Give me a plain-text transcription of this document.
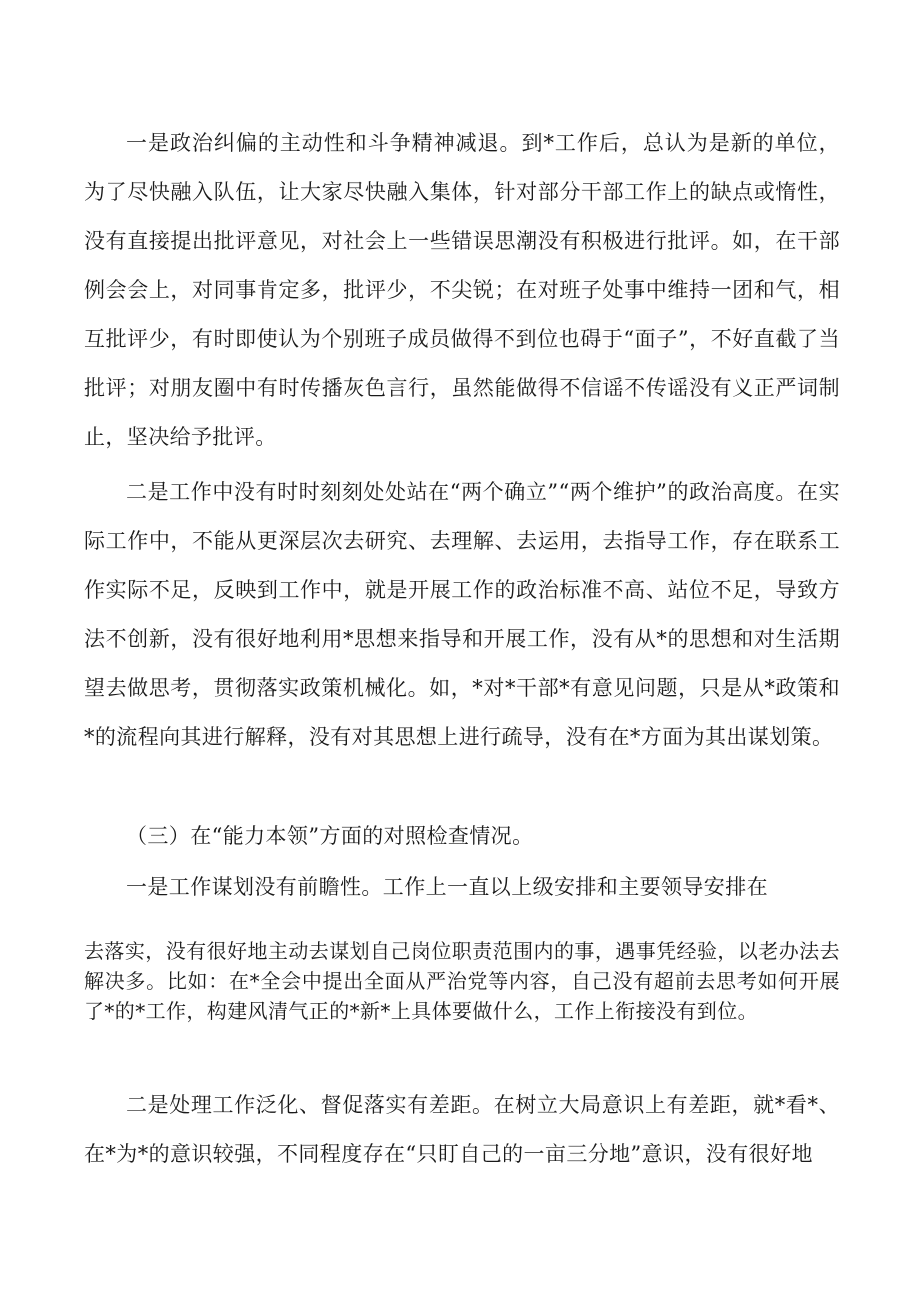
一是政治纠偏的主动性和斗争精神减退。到*工作后，总认为是新的单位，为了尽快融入队伍，让大家尽快融入集体，针对部分干部工作上的缺点或惰性，没有直接提出批评意见，对社会上一些错误思潮没有积极进行批评。如，在干部例会会上，对同事肯定多，批评少，不尖锐；在对班子处事中维持一团和气，相互批评少，有时即使认为个别班子成员做得不到位也碍于“面子”，不好直截了当批评；对朋友圈中有时传播灰色言行，虽然能做得不信谣不传谣没有义正严词制止，坚决给予批评。

二是工作中没有时时刻刻处处站在“两个确立”“两个维护”的政治高度。在实际工作中，不能从更深层次去研究、去理解、去运用，去指导工作，存在联系工作实际不足，反映到工作中，就是开展工作的政治标准不高、站位不足，导致方法不创新，没有很好地利用*思想来指导和开展工作，没有从*的思想和对生活期望去做思考，贯彻落实政策机械化。如，*对*干部*有意见问题，只是从*政策和*的流程向其进行解释，没有对其思想上进行疏导，没有在*方面为其出谋划策。

（三）在“能力本领”方面的对照检查情况。

一是工作谋划没有前瞻性。工作上一直以上级安排和主要领导安排在

去落实，没有很好地主动去谋划自己岗位职责范围内的事，遇事凭经验，以老办法去解决多。比如：在*全会中提出全面从严治党等内容，自己没有超前去思考如何开展了*的*工作，构建风清气正的*新*上具体要做什么，工作上衔接没有到位。

二是处理工作泛化、督促落实有差距。在树立大局意识上有差距，就*看*、在*为*的意识较强，不同程度存在“只盯自己的一亩三分地”意识，没有很好地
